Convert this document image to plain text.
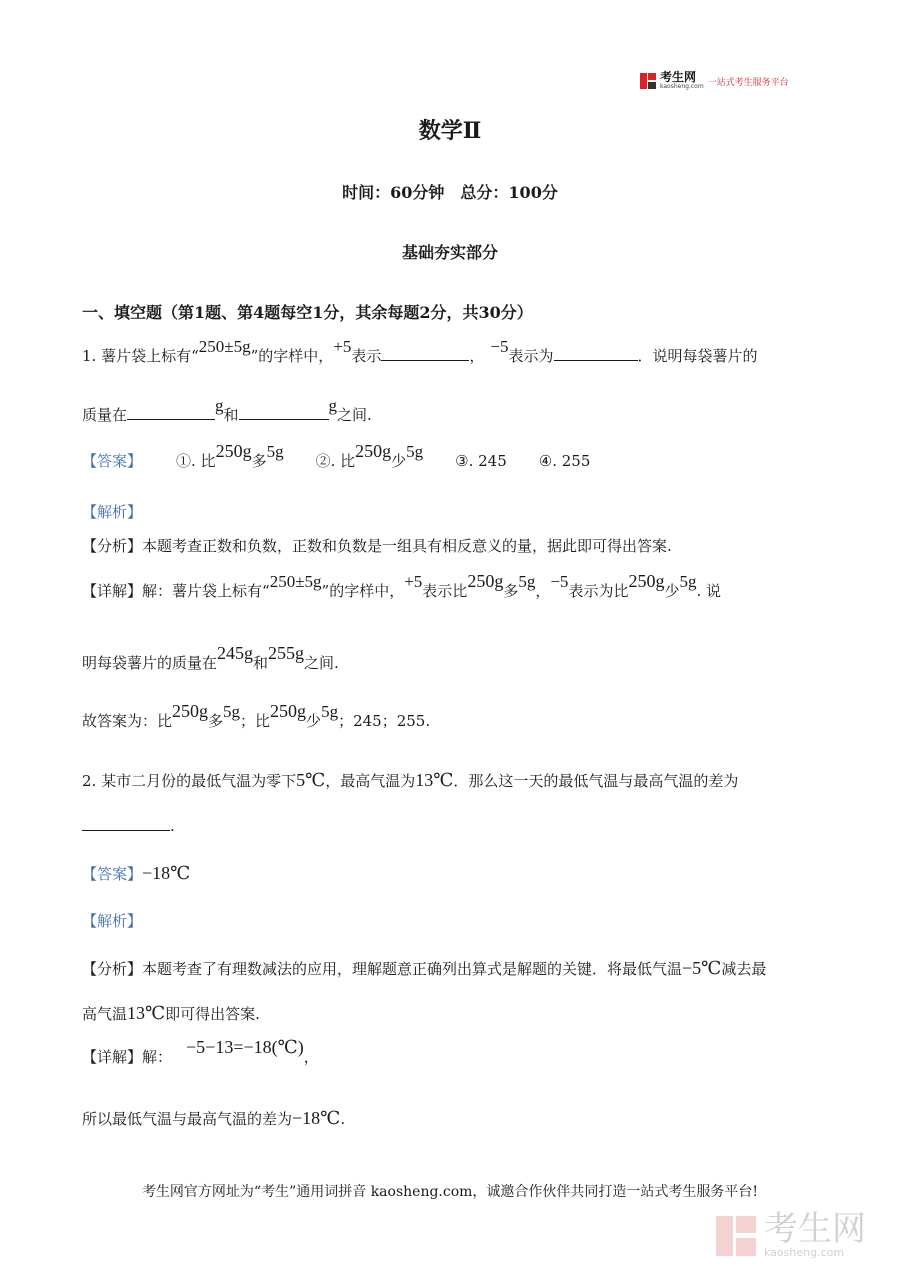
考生网
kaosheng.com 一站式考生服务平台
数学Ⅱ
时间：60分钟　总分：100分
基础夯实部分
一、填空题（第1题、第4题每空1分，其余每题2分，共30分）
1. 薯片袋上标有“ 250±5g ”的字样中， +5 表示	， −5 表示为	．说明每袋薯片的
质量在	g 和	g 之间.
【答案】 ①. 比 250g 多 5g ②. 比 250g 少 5g ③. 245 ④. 255
【解析】
【分析】本题考查正数和负数，正数和负数是一组具有相反意义的量，据此即可得出答案.
【详解】 解：薯片袋上标有“ 250±5g ”的字样中， +5 表示比 250g 多 5g ， −5 表示为比 250g 少 5g . 说
明每袋薯片的质量在 245g 和 255g 之间.
故答案为：比 250g 多 5g ；比 250g 少 5g ；245；255.
2. 某市二月份的最低气温为零下 5℃ ，最高气温为 13℃ ．那么这一天的最低气温与最高气温的差为
.
【答案】 −18℃
【解析】
【分析】 本题考查了有理数减法的应用，理解题意正确列出算式是解题的关键．将最低气温 −5℃ 减去最
高气温 13℃ 即可得出答案.
【详解】 解： −5−13=−18(℃) ，
所以最低气温与最高气温的差为 −18℃ .
考生网官方网址为“考生”通用词拼音 kaosheng.com，诚邀合作伙伴共同打造一站式考生服务平台!
考生网
kaosheng.com
